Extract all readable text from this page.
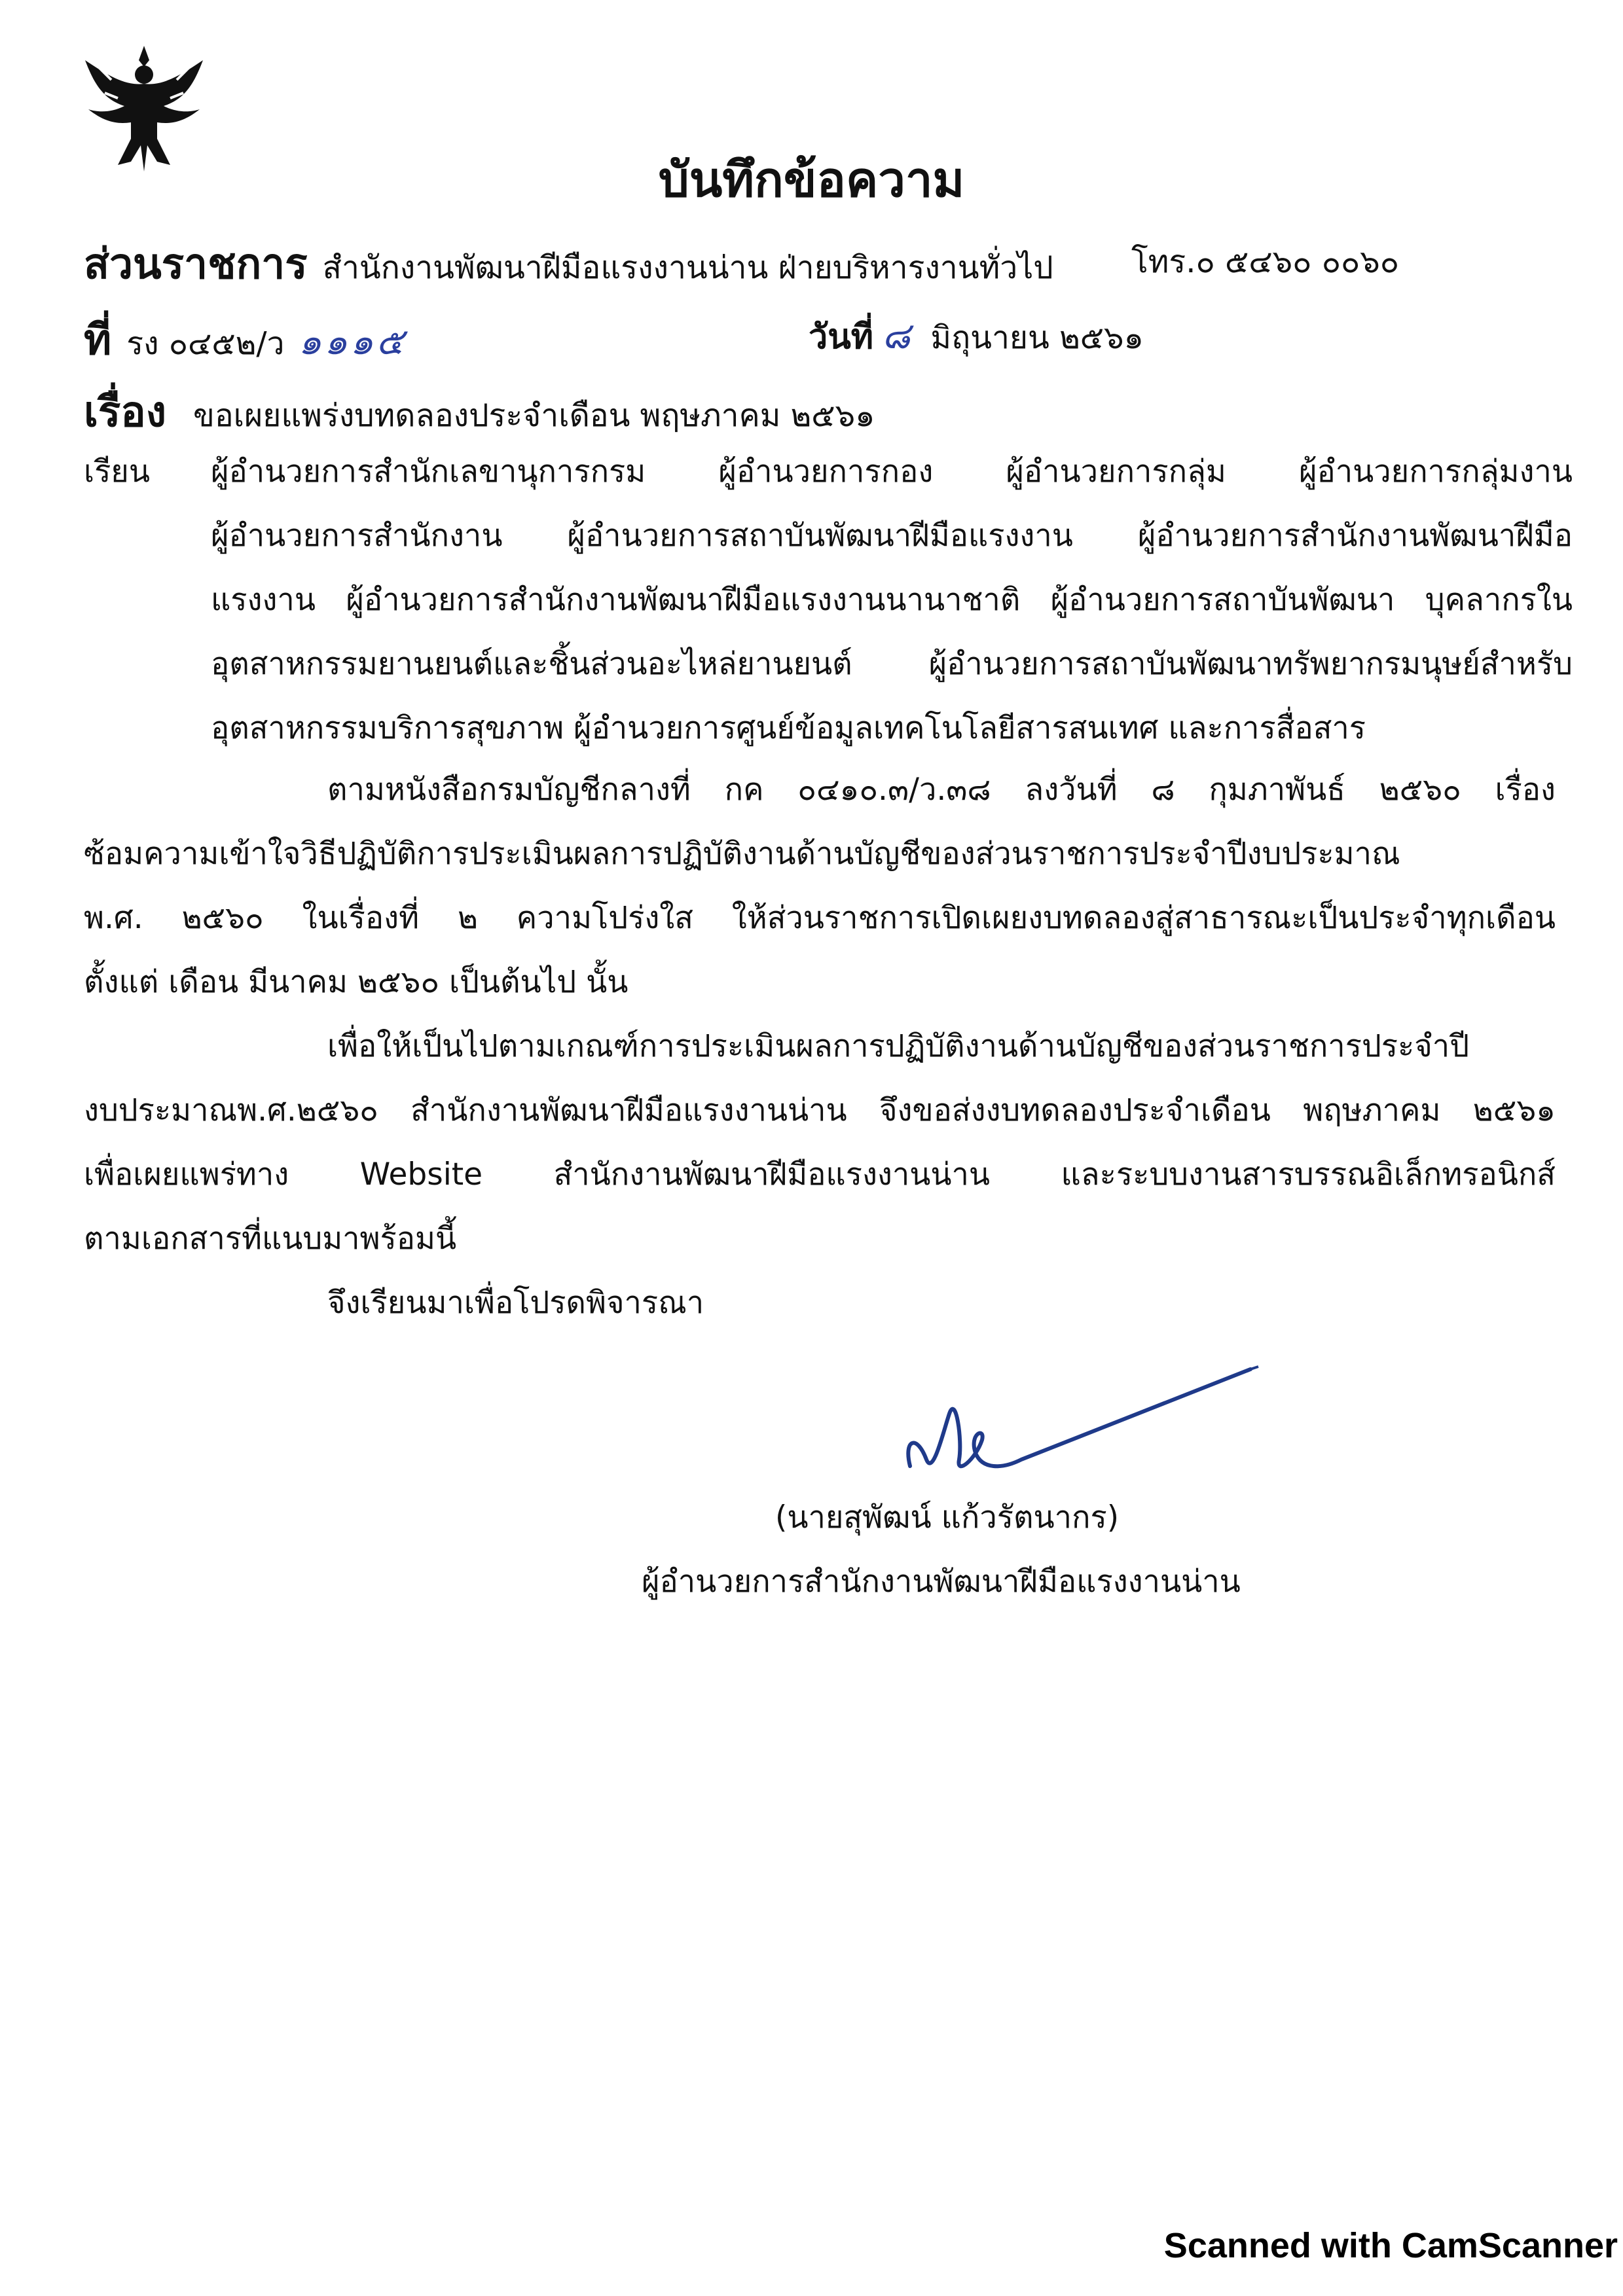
บันทึกข้อความ
ส่วนราชการ สำนักงานพัฒนาฝีมือแรงงานน่าน ฝ่ายบริหารงานทั่วไป โทร.๐ ๕๔๖๐ ๐๐๖๐
ที่ รง ๐๔๕๒/ว ๑๑๑๕	วันที่ ๘ มิถุนายน ๒๕๖๑
เรื่อง ขอเผยแพร่งบทดลองประจำเดือน พฤษภาคม ๒๕๖๑
เรียน ผู้อำนวยการสำนักเลขานุการกรม ผู้อำนวยการกอง ผู้อำนวยการกลุ่ม ผู้อำนวยการกลุ่มงาน
ผู้อำนวยการสำนักงาน ผู้อำนวยการสถาบันพัฒนาฝีมือแรงงาน ผู้อำนวยการสำนักงานพัฒนาฝีมือ
แรงงาน ผู้อำนวยการสำนักงานพัฒนาฝีมือแรงงานนานาชาติ ผู้อำนวยการสถาบันพัฒนา บุคลากรใน
อุตสาหกรรมยานยนต์และชิ้นส่วนอะไหล่ยานยนต์ ผู้อำนวยการสถาบันพัฒนาทรัพยากรมนุษย์สำหรับ
อุตสาหกรรมบริการสุขภาพ ผู้อำนวยการศูนย์ข้อมูลเทคโนโลยีสารสนเทศ และการสื่อสาร
ตามหนังสือกรมบัญชีกลางที่ กค ๐๔๑๐.๓/ว.๓๘ ลงวันที่ ๘ กุมภาพันธ์ ๒๕๖๐ เรื่อง
ซ้อมความเข้าใจวิธีปฏิบัติการประเมินผลการปฏิบัติงานด้านบัญชีของส่วนราชการประจำปีงบประมาณ
พ.ศ. ๒๕๖๐ ในเรื่องที่ ๒ ความโปร่งใส ให้ส่วนราชการเปิดเผยงบทดลองสู่สาธารณะเป็นประจำทุกเดือน
ตั้งแต่ เดือน มีนาคม ๒๕๖๐ เป็นต้นไป นั้น
เพื่อให้เป็นไปตามเกณฑ์การประเมินผลการปฏิบัติงานด้านบัญชีของส่วนราชการประจำปี
งบประมาณพ.ศ.๒๕๖๐ สำนักงานพัฒนาฝีมือแรงงานน่าน จึงขอส่งงบทดลองประจำเดือน พฤษภาคม ๒๕๖๑
เพื่อเผยแพร่ทาง Website สำนักงานพัฒนาฝีมือแรงงานน่าน และระบบงานสารบรรณอิเล็กทรอนิกส์
ตามเอกสารที่แนบมาพร้อมนี้
จึงเรียนมาเพื่อโปรดพิจารณา
(นายสุพัฒน์ แก้วรัตนากร)
ผู้อำนวยการสำนักงานพัฒนาฝีมือแรงงานน่าน
Scanned with CamScanner
